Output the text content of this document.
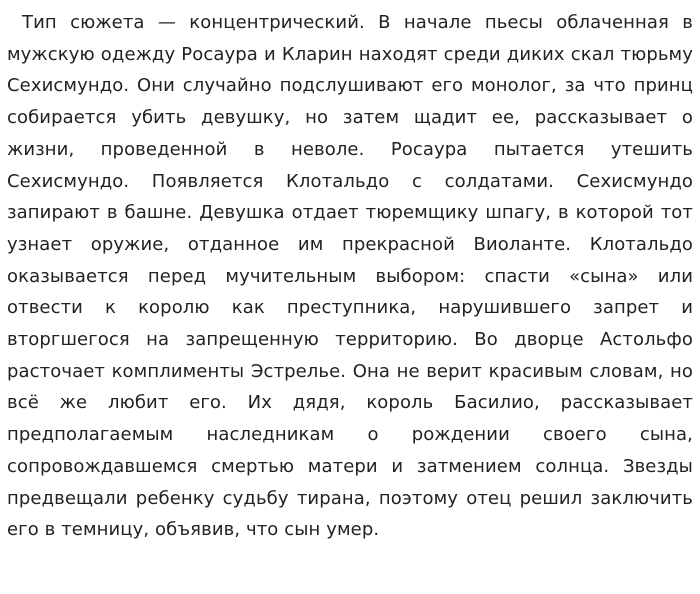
Тип сюжета — концентрический. В начале пьесы облаченная в мужскую одежду Росаура и Кларин находят среди диких скал тюрьму Сехисмундо. Они случайно подслушивают его монолог, за что принц собирается убить девушку, но затем щадит ее, рассказывает о жизни, проведенной в неволе. Росаура пытается утешить Сехисмундо. Появляется Клотальдо с солдатами. Сехисмундо запирают в башне. Девушка отдает тюремщику шпагу, в которой тот узнает оружие, отданное им прекрасной Виоланте. Клотальдо оказывается перед мучительным выбором: спасти «сына» или отвести к королю как преступника, нарушившего запрет и вторгшегося на запрещенную территорию. Во дворце Астольфо расточает комплименты Эстрелье. Она не верит красивым словам, но всё же любит его. Их дядя, король Басилио, рассказывает предполагаемым наследникам о рождении своего сына, сопровождавшемся смертью матери и затмением солнца. Звезды предвещали ребенку судьбу тирана, поэтому отец решил заключить его в темницу, объявив, что сын умер.
